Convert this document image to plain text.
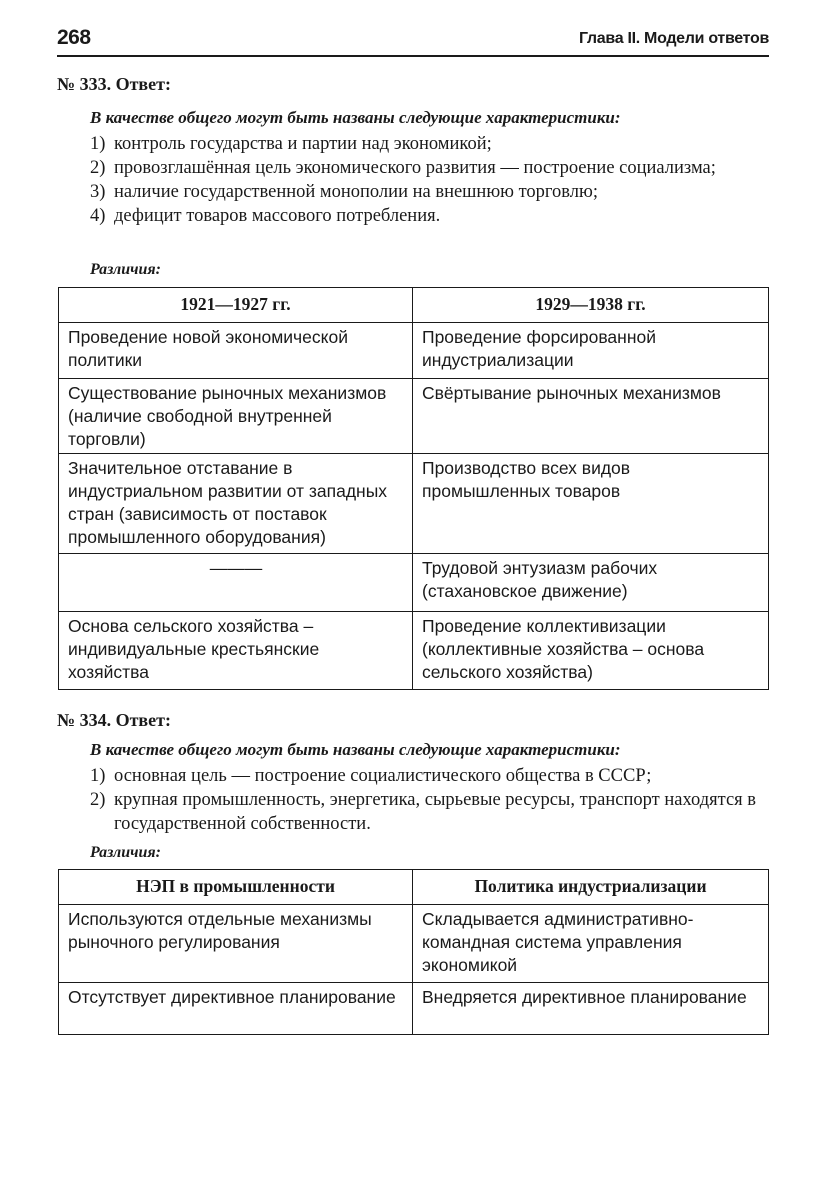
268	Глава II. Модели ответов
№ 333. Ответ:
В качестве общего могут быть названы следующие характеристики:
1) контроль государства и партии над экономикой;
2) провозглашённая цель экономического развития — построение социализма;
3) наличие государственной монополии на внешнюю торговлю;
4) дефицит товаров массового потребления.
Различия:
1921—1927 гг.	1929—1938 гг.
Проведение новой экономической политики	Проведение форсированной индустриализации
Существование рыночных механизмов (наличие свободной внутренней торговли)	Свёртывание рыночных механизмов
Значительное отставание в индустриальном развитии от западных стран (зависимость от поставок промышленного оборудования)	Производство всех видов промышленных товаров
———	Трудовой энтузиазм рабочих (стахановское движение)
Основа сельского хозяйства – индивидуальные крестьянские хозяйства	Проведение коллективизации (коллективные хозяйства – основа сельского хозяйства)
№ 334. Ответ:
В качестве общего могут быть названы следующие характеристики:
1) основная цель — построение социалистического общества в СССР;
2) крупная промышленность, энергетика, сырьевые ресурсы, транспорт находятся в государственной собственности.
Различия:
НЭП в промышленности	Политика индустриализации
Используются отдельные механизмы рыночного регулирования	Складывается административно-командная система управления экономикой
Отсутствует директивное планирование	Внедряется директивное планирование
